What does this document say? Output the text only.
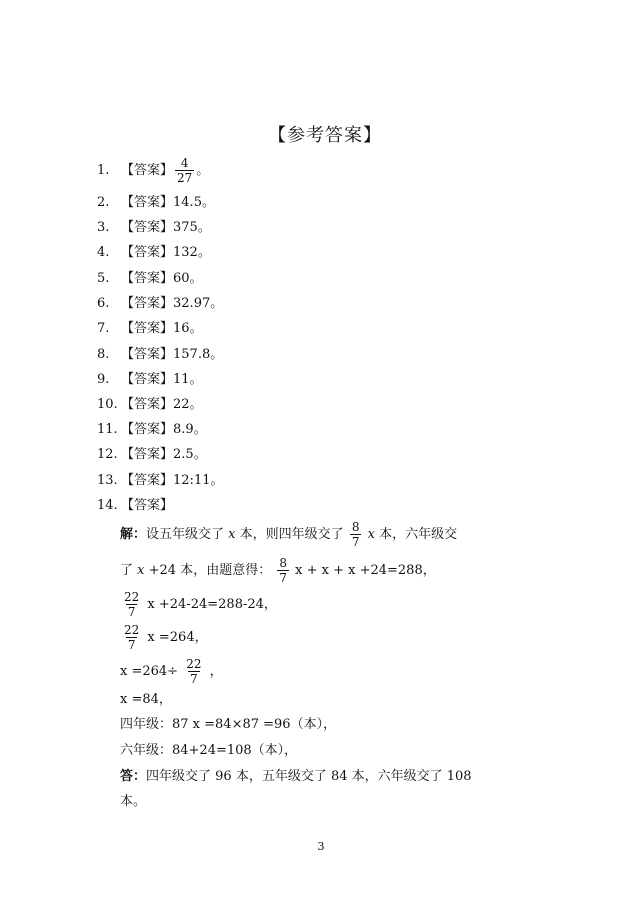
【参考答案】
1. 【答案】 $\frac{4}{27}$ 。
2. 【答案】14.5。
3. 【答案】375。
4. 【答案】132。
5. 【答案】60。
6. 【答案】32.97。
7. 【答案】16。
8. 【答案】157.8。
9. 【答案】11。
10. 【答案】22。
11. 【答案】8.9。
12. 【答案】2.5。
13. 【答案】12:11。
14. 【答案】
解：设五年级交了 x 本，则四年级交了 $\frac{8}{7}$ x 本，六年级交
了 x +24 本，由题意得： $\frac{8}{7}$ x + x + x +24=288，
$\frac{22}{7}$ x +24-24=288-24，
$\frac{22}{7}$ x =264，
$x =264\div \frac{22}{7}$ ，
x =84，
四年级：87 x =84×87 =96（本），
六年级：84+24=108（本），
答：四年级交了 96 本，五年级交了 84 本，六年级交了 108
本。
3
